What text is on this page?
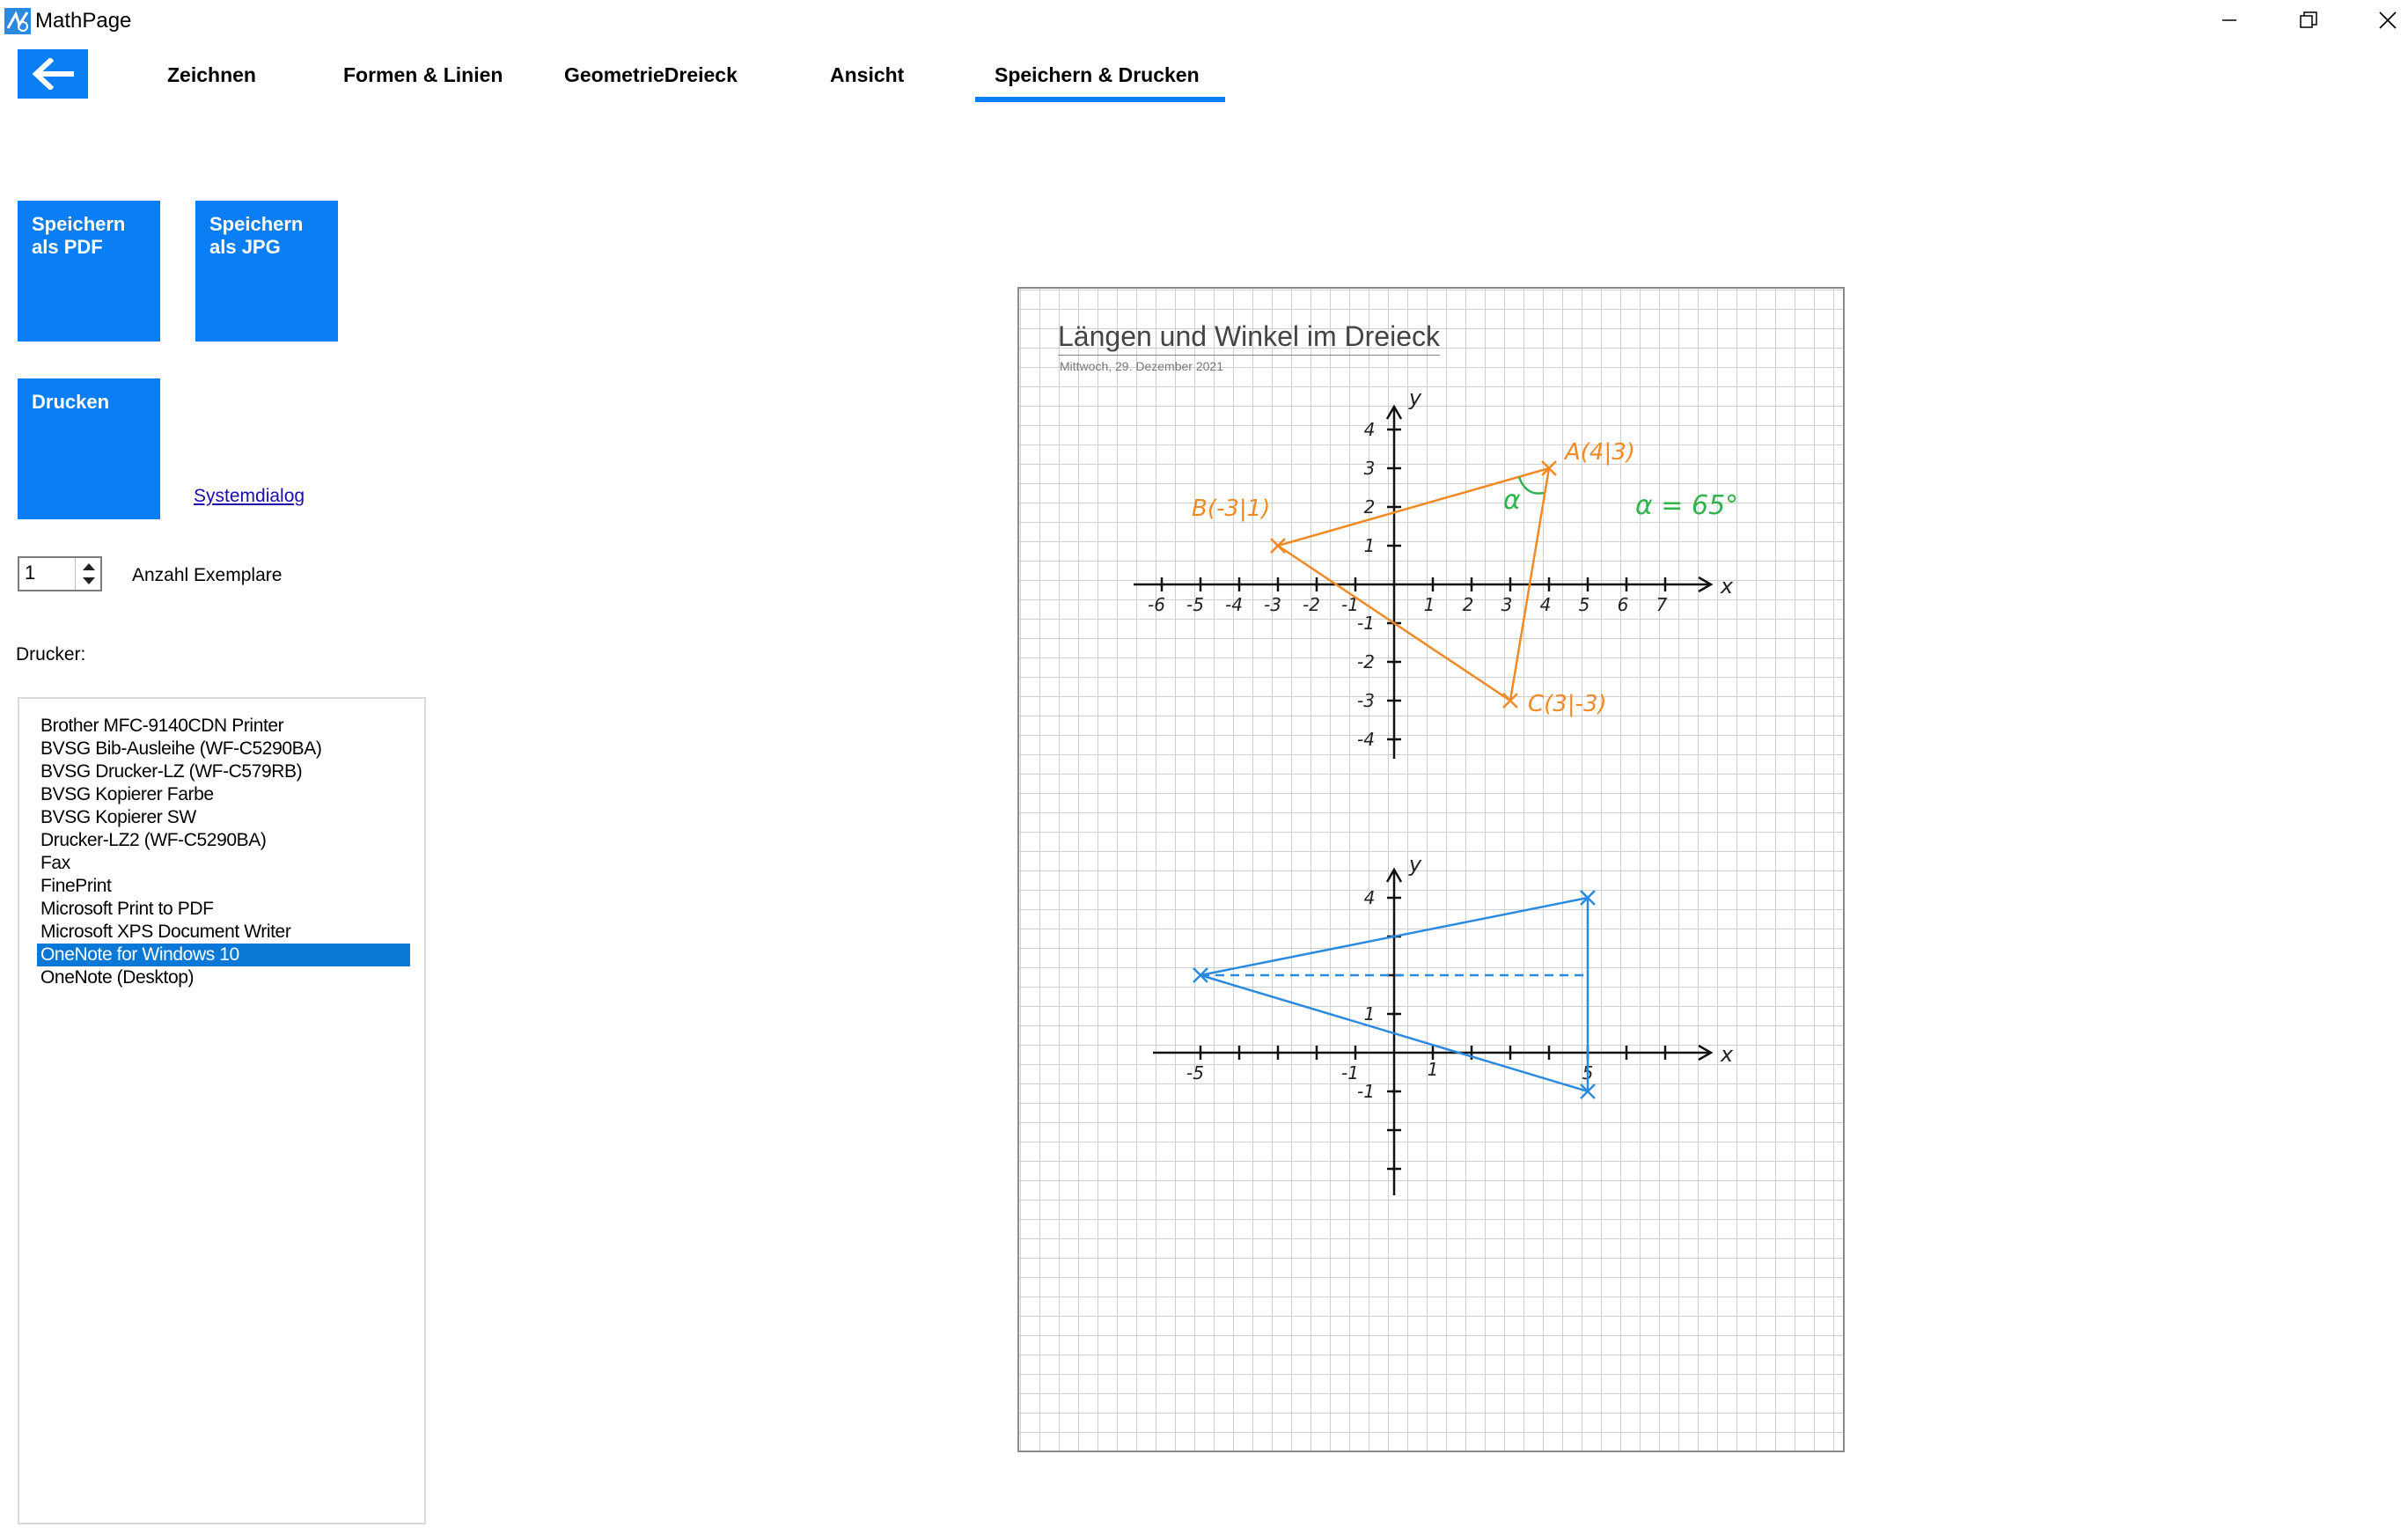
MathPage
Zeichnen	Formen & Linien	GeometrieDreieck	Ansicht	Speichern & Drucken
Speichern
als PDF
Speichern
als JPG
Drucken
Systemdialog
1	Anzahl Exemplare
Drucker:
Brother MFC-9140CDN Printer
BVSG Bib-Ausleihe (WF-C5290BA)
BVSG Drucker-LZ (WF-C579RB)
BVSG Kopierer Farbe
BVSG Kopierer SW
Drucker-LZ2 (WF-C5290BA)
Fax
FinePrint
Microsoft Print to PDF
Microsoft XPS Document Writer
OneNote for Windows 10
OneNote (Desktop)
Längen und Winkel im Dreieck
Mittwoch, 29. Dezember 2021
-6 -5 -4 -3 -2 -1	1 2 3 4 5 6 7
4
3
2
1
-1
-2
-3
-4
x
y
A(4|3)
B(-3|1)
C(3|-3)
α	α = 65°
-5	-1	1	5
4
1
-1
x
y
